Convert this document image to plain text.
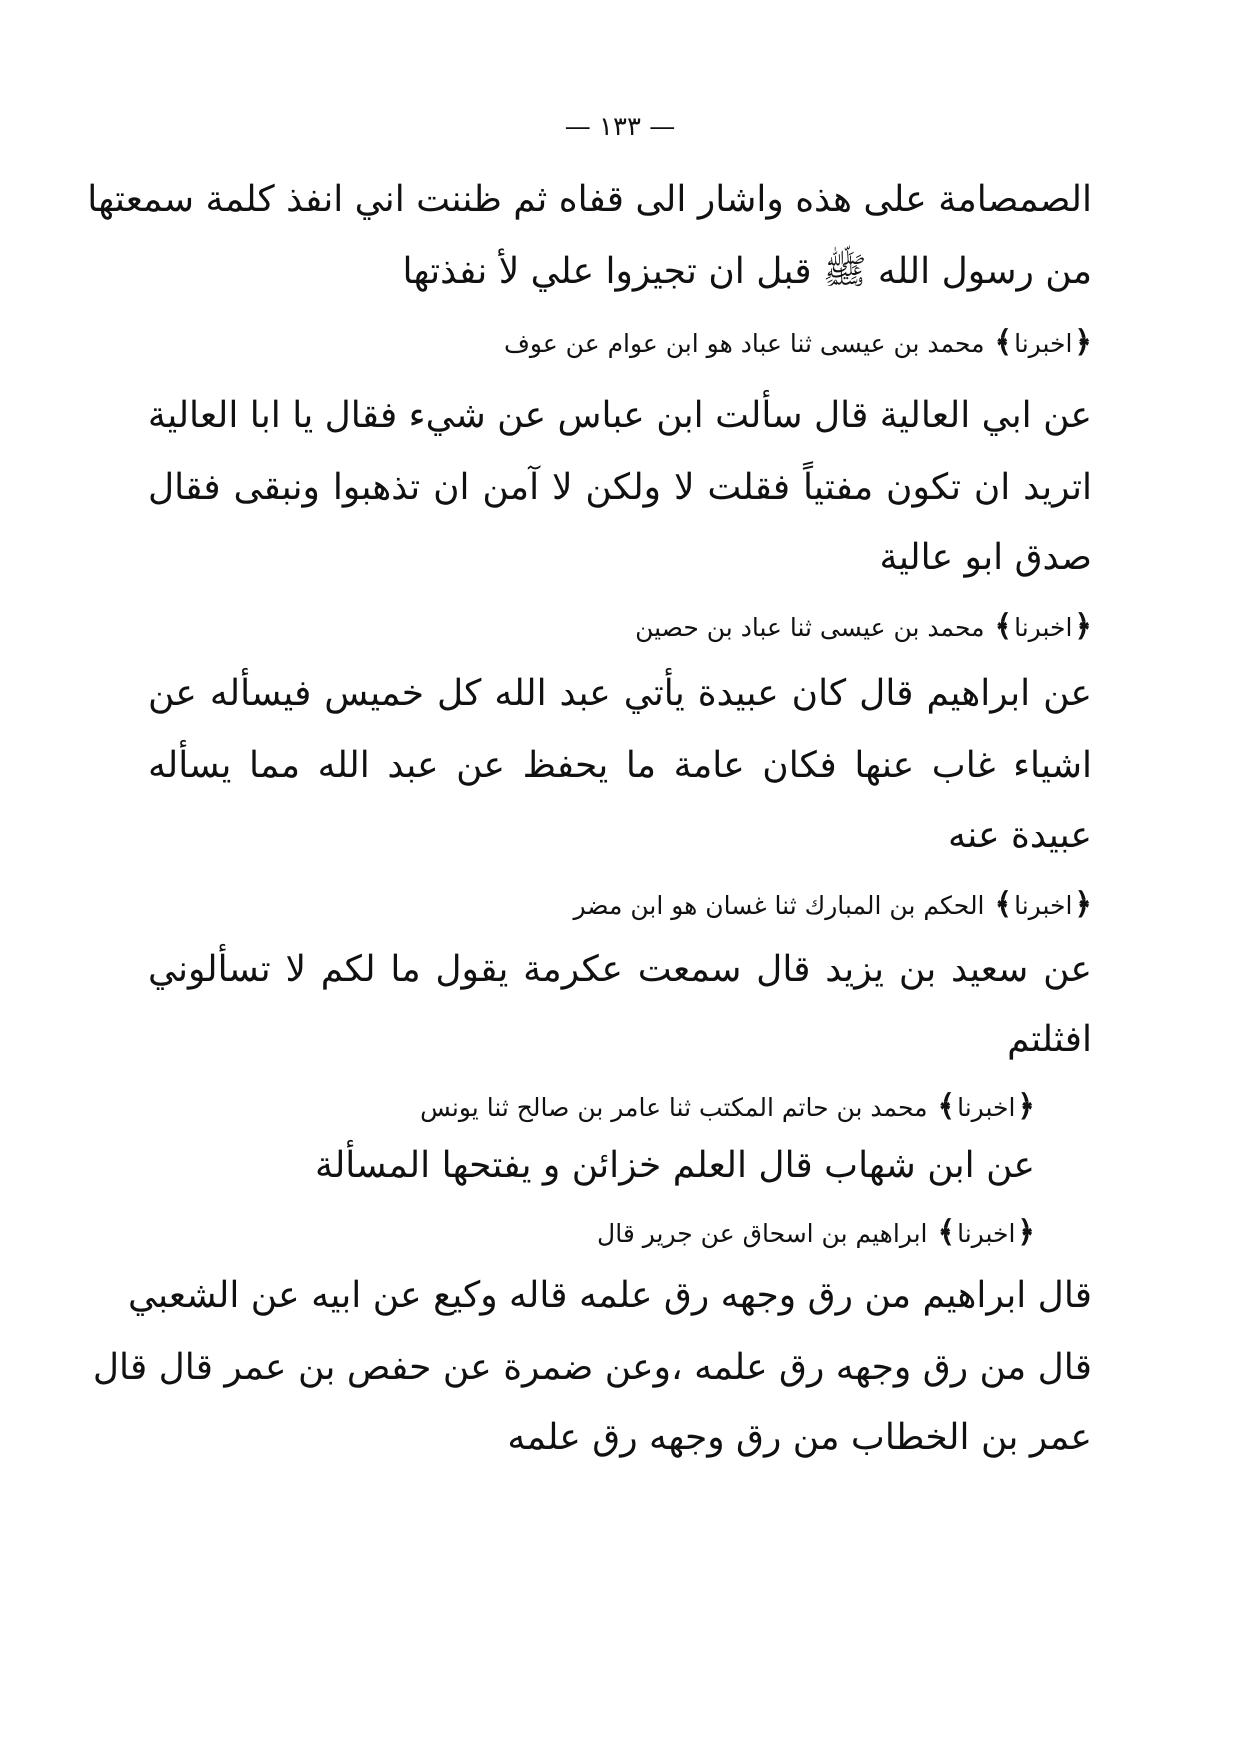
— ١٣٣ —
الصمصامة على هذه واشار الى قفاه ثم ظننت اني انفذ كلمة سمعتها
من رسول الله ﷺ قبل ان تجيزوا علي لأ نفذتها
﴿اخبرنا﴾محمد بن عيسى ثنا عباد هو ابن عوام عن عوف
عن ابي العالية قال سألت ابن عباس عن شيء فقال يا ابا العالية
اتريد ان تكون مفتياً فقلت لا ولكن لا آمن ان تذهبوا ونبقى فقال
صدق ابو عالية
﴿اخبرنا﴾محمد بن عيسى ثنا عباد بن حصين
عن ابراهيم قال كان عبيدة يأتي عبد الله كل خميس فيسأله عن
اشياء غاب عنها فكان عامة ما يحفظ عن عبد الله مما يسأله
عبيدة عنه
﴿اخبرنا﴾الحكم بن المبارك ثنا غسان هو ابن مضر
عن سعيد بن يزيد قال سمعت عكرمة يقول ما لكم لا تسألوني
افثلتم
﴿اخبرنا﴾محمد بن حاتم المكتب ثنا عامر بن صالح ثنا يونس
عن ابن شهاب قال العلم خزائن و يفتحها المسألة
﴿اخبرنا﴾ابراهيم بن اسحاق عن جرير قال
قال ابراهيم من رق وجهه رق علمه قاله وكيع عن ابيه عن الشعبي
قال من رق وجهه رق علمه ،وعن ضمرة عن حفص بن عمر قال قال
عمر بن الخطاب من رق وجهه رق علمه
